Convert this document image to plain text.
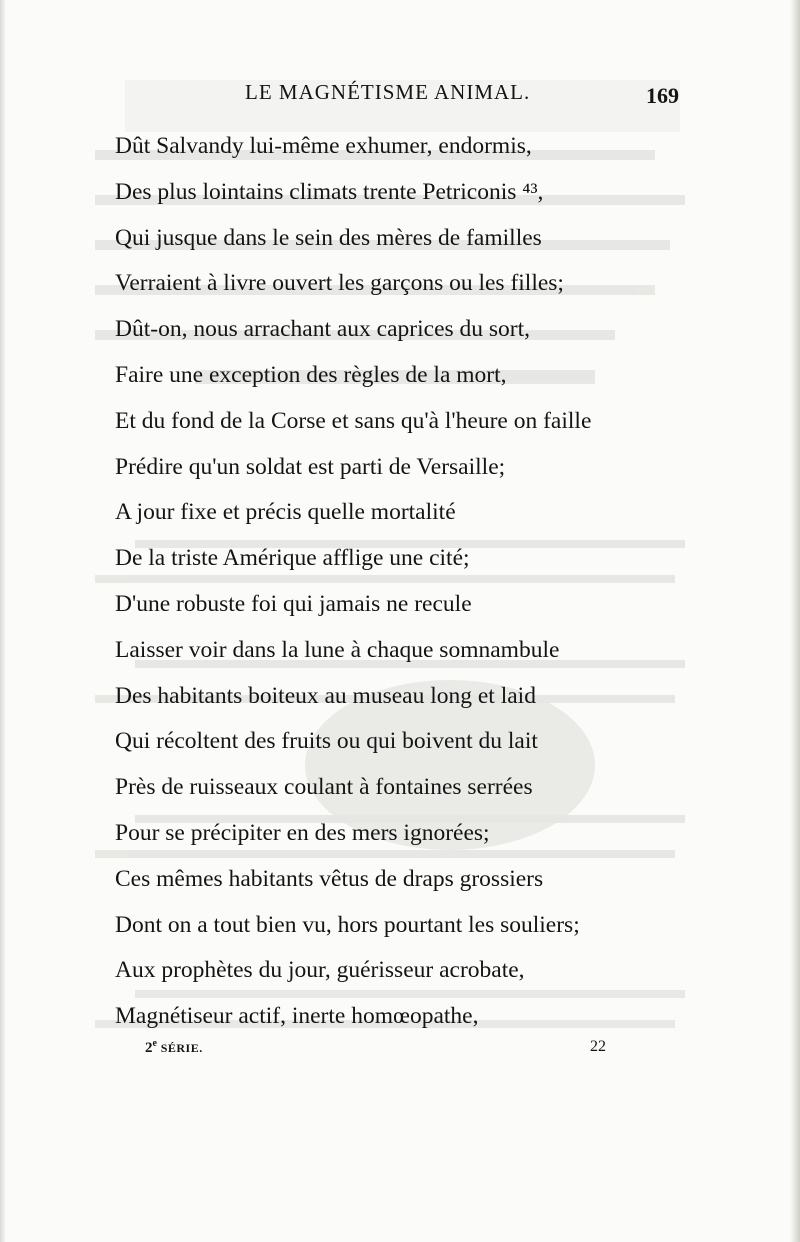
LE MAGNÉTISME ANIMAL.	169
Dût Salvandy lui-même exhumer, endormis,
Des plus lointains climats trente Petriconis ⁴³,
Qui jusque dans le sein des mères de familles
Verraient à livre ouvert les garçons ou les filles;
Dût-on, nous arrachant aux caprices du sort,
Faire une exception des règles de la mort,
Et du fond de la Corse et sans qu'à l'heure on faille
Prédire qu'un soldat est parti de Versaille;
A jour fixe et précis quelle mortalité
De la triste Amérique afflige une cité;
D'une robuste foi qui jamais ne recule
Laisser voir dans la lune à chaque somnambule
Des habitants boiteux au museau long et laid
Qui récoltent des fruits ou qui boivent du lait
Près de ruisseaux coulant à fontaines serrées
Pour se précipiter en des mers ignorées;
Ces mêmes habitants vêtus de draps grossiers
Dont on a tout bien vu, hors pourtant les souliers;
Aux prophètes du jour, guérisseur acrobate,
Magnétiseur actif, inerte homœopathe,
2e SÉRIE.	22
